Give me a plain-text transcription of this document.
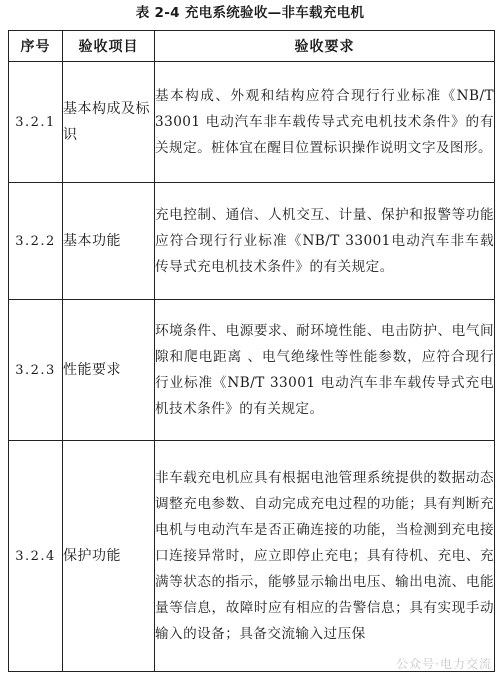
表 2-4 充电系统验收—非车载充电机
序号	验收项目	验收要求
3.2.1	基本构成及标识	基本构成、外观和结构应符合现行行业标准《NB/T 33001 电动汽车非车载传导式充电机技术条件》的有关规定。桩体宜在醒目位置标识操作说明文字及图形。
3.2.2	基本功能	充电控制、通信、人机交互、计量、保护和报警等功能应符合现行行业标准《NB/T 33001电动汽车非车载传导式充电机技术条件》的有关规定。
3.2.3	性能要求	环境条件、电源要求、耐环境性能、电击防护、电气间隙和爬电距离 、电气绝缘性等性能参数，应符合现行行业标准《NB/T 33001 电动汽车非车载传导式充电机技术条件》的有关规定。
3.2.4	保护功能	非车载充电机应具有根据电池管理系统提供的数据动态调整充电参数、自动完成充电过程的功能；具有判断充电机与电动汽车是否正确连接的功能，当检测到充电接口连接异常时，应立即停止充电；具有待机、充电、充满等状态的指示，能够显示输出电压、输出电流、电能量等信息，故障时应有相应的告警信息；具有实现手动输入的设备；具备交流输入过压保
公众号·电力交流
